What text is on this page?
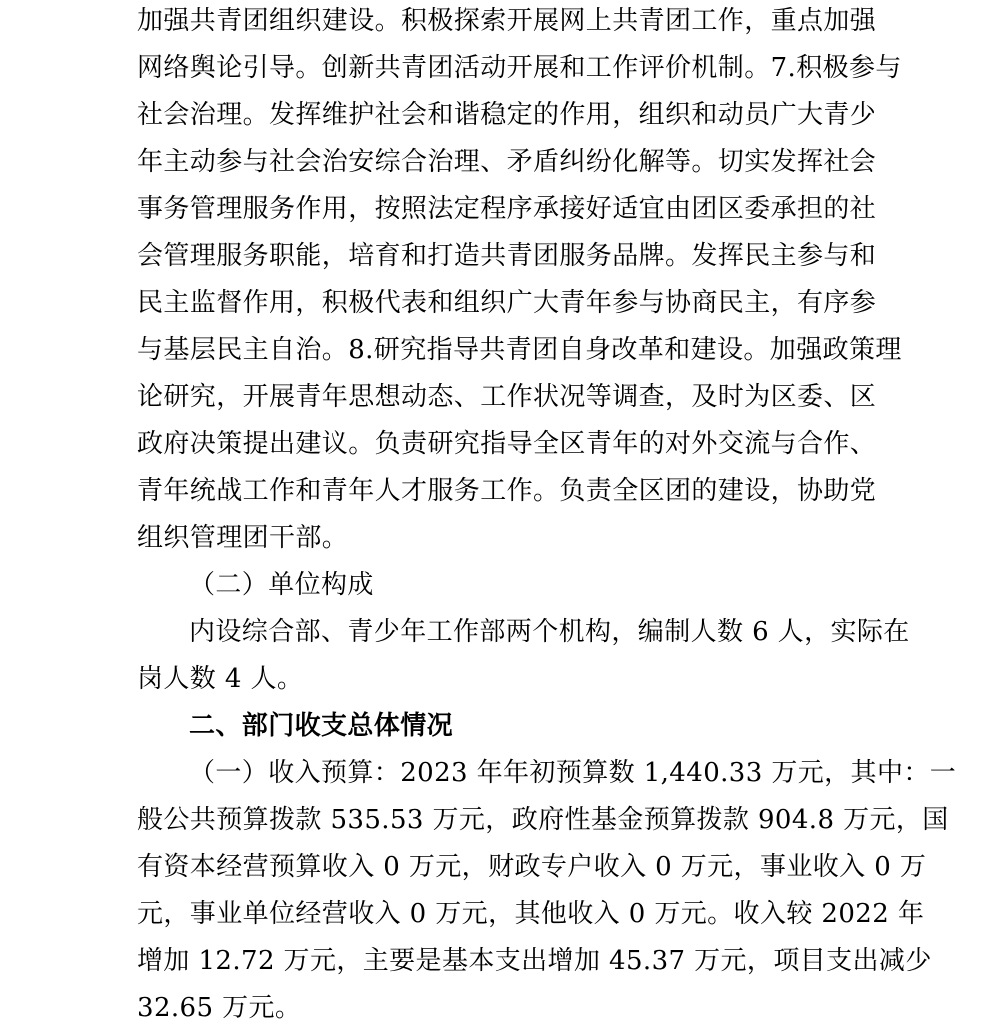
加强共青团组织建设。积极探索开展网上共青团工作，重点加强
网络舆论引导。创新共青团活动开展和工作评价机制。7.积极参与
社会治理。发挥维护社会和谐稳定的作用，组织和动员广大青少
年主动参与社会治安综合治理、矛盾纠纷化解等。切实发挥社会
事务管理服务作用，按照法定程序承接好适宜由团区委承担的社
会管理服务职能，培育和打造共青团服务品牌。发挥民主参与和
民主监督作用，积极代表和组织广大青年参与协商民主，有序参
与基层民主自治。8.研究指导共青团自身改革和建设。加强政策理
论研究，开展青年思想动态、工作状况等调查，及时为区委、区
政府决策提出建议。负责研究指导全区青年的对外交流与合作、
青年统战工作和青年人才服务工作。负责全区团的建设，协助党
组织管理团干部。
（二）单位构成
内设综合部、青少年工作部两个机构，编制人数 6 人，实际在
岗人数 4 人。
二、部门收支总体情况
（一）收入预算：2023 年年初预算数 1,440.33 万元，其中：一
般公共预算拨款 535.53 万元，政府性基金预算拨款 904.8 万元，国
有资本经营预算收入 0 万元，财政专户收入 0 万元，事业收入 0 万
元，事业单位经营收入 0 万元，其他收入 0 万元。收入较 2022 年
增加 12.72 万元，主要是基本支出增加 45.37 万元，项目支出减少
32.65 万元。
